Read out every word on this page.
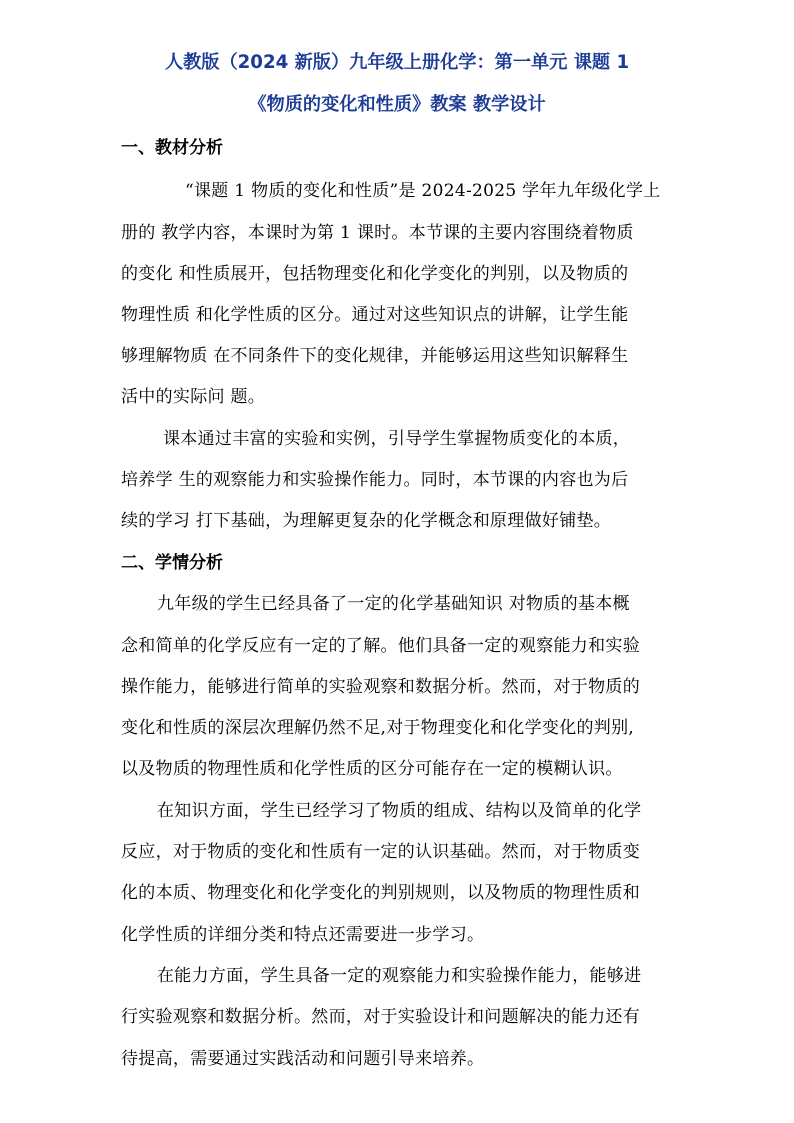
人教版（2024 新版）九年级上册化学：第一单元 课题 1
《物质的变化和性质》教案 教学设计
一、教材分析
“课题 1 物质的变化和性质”是 2024-2025 学年九年级化学上
册的 教学内容，本课时为第 1 课时。本节课的主要内容围绕着物质
的变化 和性质展开，包括物理变化和化学变化的判别，以及物质的
物理性质 和化学性质的区分。通过对这些知识点的讲解，让学生能
够理解物质 在不同条件下的变化规律，并能够运用这些知识解释生
活中的实际问 题。
课本通过丰富的实验和实例，引导学生掌握物质变化的本质，
培养学 生的观察能力和实验操作能力。同时，本节课的内容也为后
续的学习 打下基础，为理解更复杂的化学概念和原理做好铺垫。
二、学情分析
九年级的学生已经具备了一定的化学基础知识 对物质的基本概
念和简单的化学反应有一定的了解。他们具备一定的观察能力和实验
操作能力，能够进行简单的实验观察和数据分析。然而，对于物质的
变化和性质的深层次理解仍然不足,对于物理变化和化学变化的判别,
以及物质的物理性质和化学性质的区分可能存在一定的模糊认识。
在知识方面，学生已经学习了物质的组成、结构以及简单的化学
反应，对于物质的变化和性质有一定的认识基础。然而，对于物质变
化的本质、物理变化和化学变化的判别规则，以及物质的物理性质和
化学性质的详细分类和特点还需要进一步学习。
在能力方面，学生具备一定的观察能力和实验操作能力，能够进
行实验观察和数据分析。然而，对于实验设计和问题解决的能力还有
待提高，需要通过实践活动和问题引导来培养。
